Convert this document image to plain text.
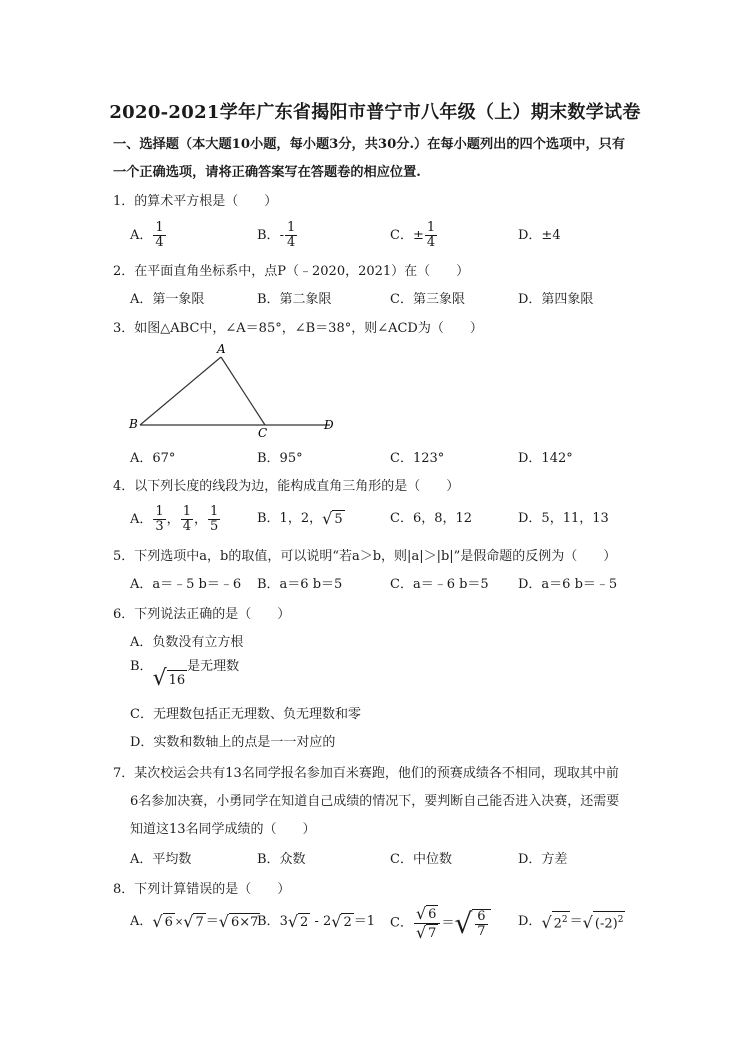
2020-2021学年广东省揭阳市普宁市八年级（上）期末数学试卷
一、选择题（本大题10小题，每小题3分，共30分.）在每小题列出的四个选项中，只有
一个正确选项，请将正确答案写在答题卷的相应位置.
1．的算术平方根是（　　）
A． $\frac{1}{4}$	B．- $\frac{1}{4}$	C．± $\frac{1}{4}$	D．±4
2．在平面直角坐标系中，点P（﹣2020，2021）在（　　）
A．第一象限	B．第二象限	C．第三象限	D．第四象限
3．如图△ABC中，∠A＝85°，∠B＝38°，则∠ACD为（　　）
A
B
C
D
A．67°	B．95°	C．123°	D．142°
4．以下列长度的线段为边，能构成直角三角形的是（　　）
A． $\frac{1}{3}$ ， $\frac{1}{4}$ ， $\frac{1}{5}$	B．1，2， √ 5	C．6，8，12	D．5，11，13
5．下列选项中a，b的取值，可以说明“若a＞b，则|a|＞|b|”是假命题的反例为（　　）
A．a＝﹣5 b＝﹣6 B．a＝6 b＝5	C．a＝﹣6 b＝5 D．a＝6 b＝﹣5
6．下列说法正确的是（　　）
A．负数没有立方根
B． √ 16
是无理数
C．无理数包括正无理数、负无理数和零
D．实数和数轴上的点是一一对应的
7．某次校运会共有13名同学报名参加百米赛跑，他们的预赛成绩各不相同，现取其中前
6名参加决赛，小勇同学在知道自己成绩的情况下，要判断自己能否进入决赛，还需要
知道这13名同学成绩的（　　）
A．平均数	B．众数	C．中位数	D．方差
8．下列计算错误的是（　　）
A． √ 6 × √ 7 ＝ √ 6×7
B．3 √ 2 - 2 √ 2 ＝1 C． $\frac{√ 6}{√ 7}$ ＝ √ $\frac{6}{7}$ D． √ $2^2$ ＝ √ $(-2)^2$
